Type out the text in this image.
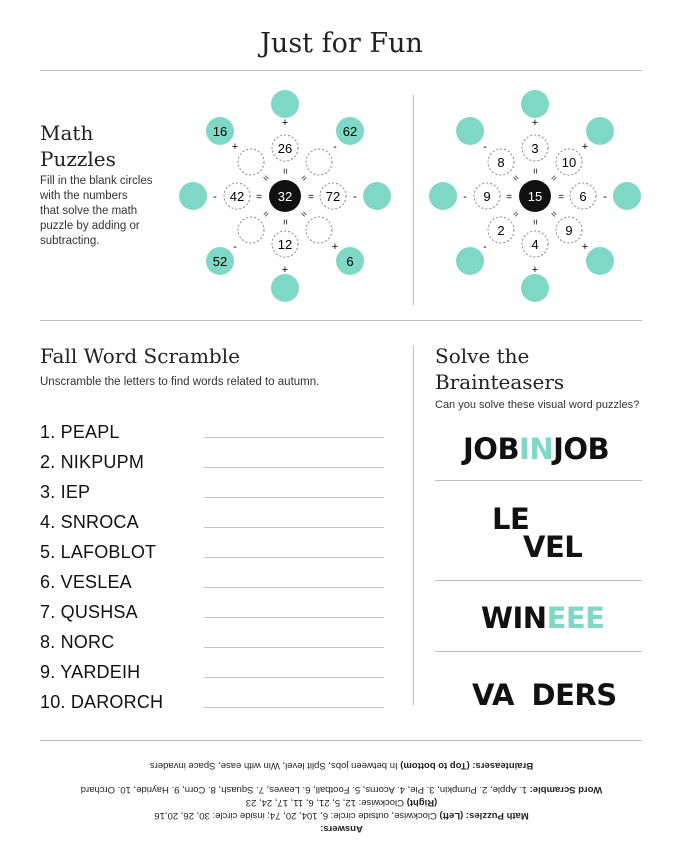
Just for Fun
Math
Puzzles
Fill in the blank circles
with the numbers
that solve the math
puzzle by adding or
subtracting.
32
26
12
42	72
16	62
52	6
+
+
-	-
+	-
-	+
=
=
=	=
=	=
=	=
15
3
4
9	6
8	10
2	9
+
+
-	-
-	+
-	+
=
=
=	=
=	=
=	=
Fall Word Scramble
Unscramble the letters to find words related to autumn.
1. PEAPL
2. NIKPUPM
3. IEP
4. SNROCA
5. LAFOBLOT
6. VESLEA
7. QUSHSA
8. NORC
9. YARDEIH
10. DARORCH
Solve the
Brainteasers
Can you solve these visual word puzzles?
JOBINJOB
LE
VEL
WINEEE
VA DERS
Brainteasers: (Top to bottom) In between jobs, Split level, Win with ease, Space invaders
Word Scramble: 1. Apple, 2. Pumpkin, 3. Pie, 4. Acorns, 5. Football, 6. Leaves, 7. Squash, 8. Corn, 9. Hayride, 10. Orchard
(Right) Clockwise: 12, 5, 21, 6, 11, 17, 24, 23
Math Puzzles: (Left) Clockwise, outside circle: 6, 104, 20, 74; inside circle: 30, 26, 20,16
Answers:
